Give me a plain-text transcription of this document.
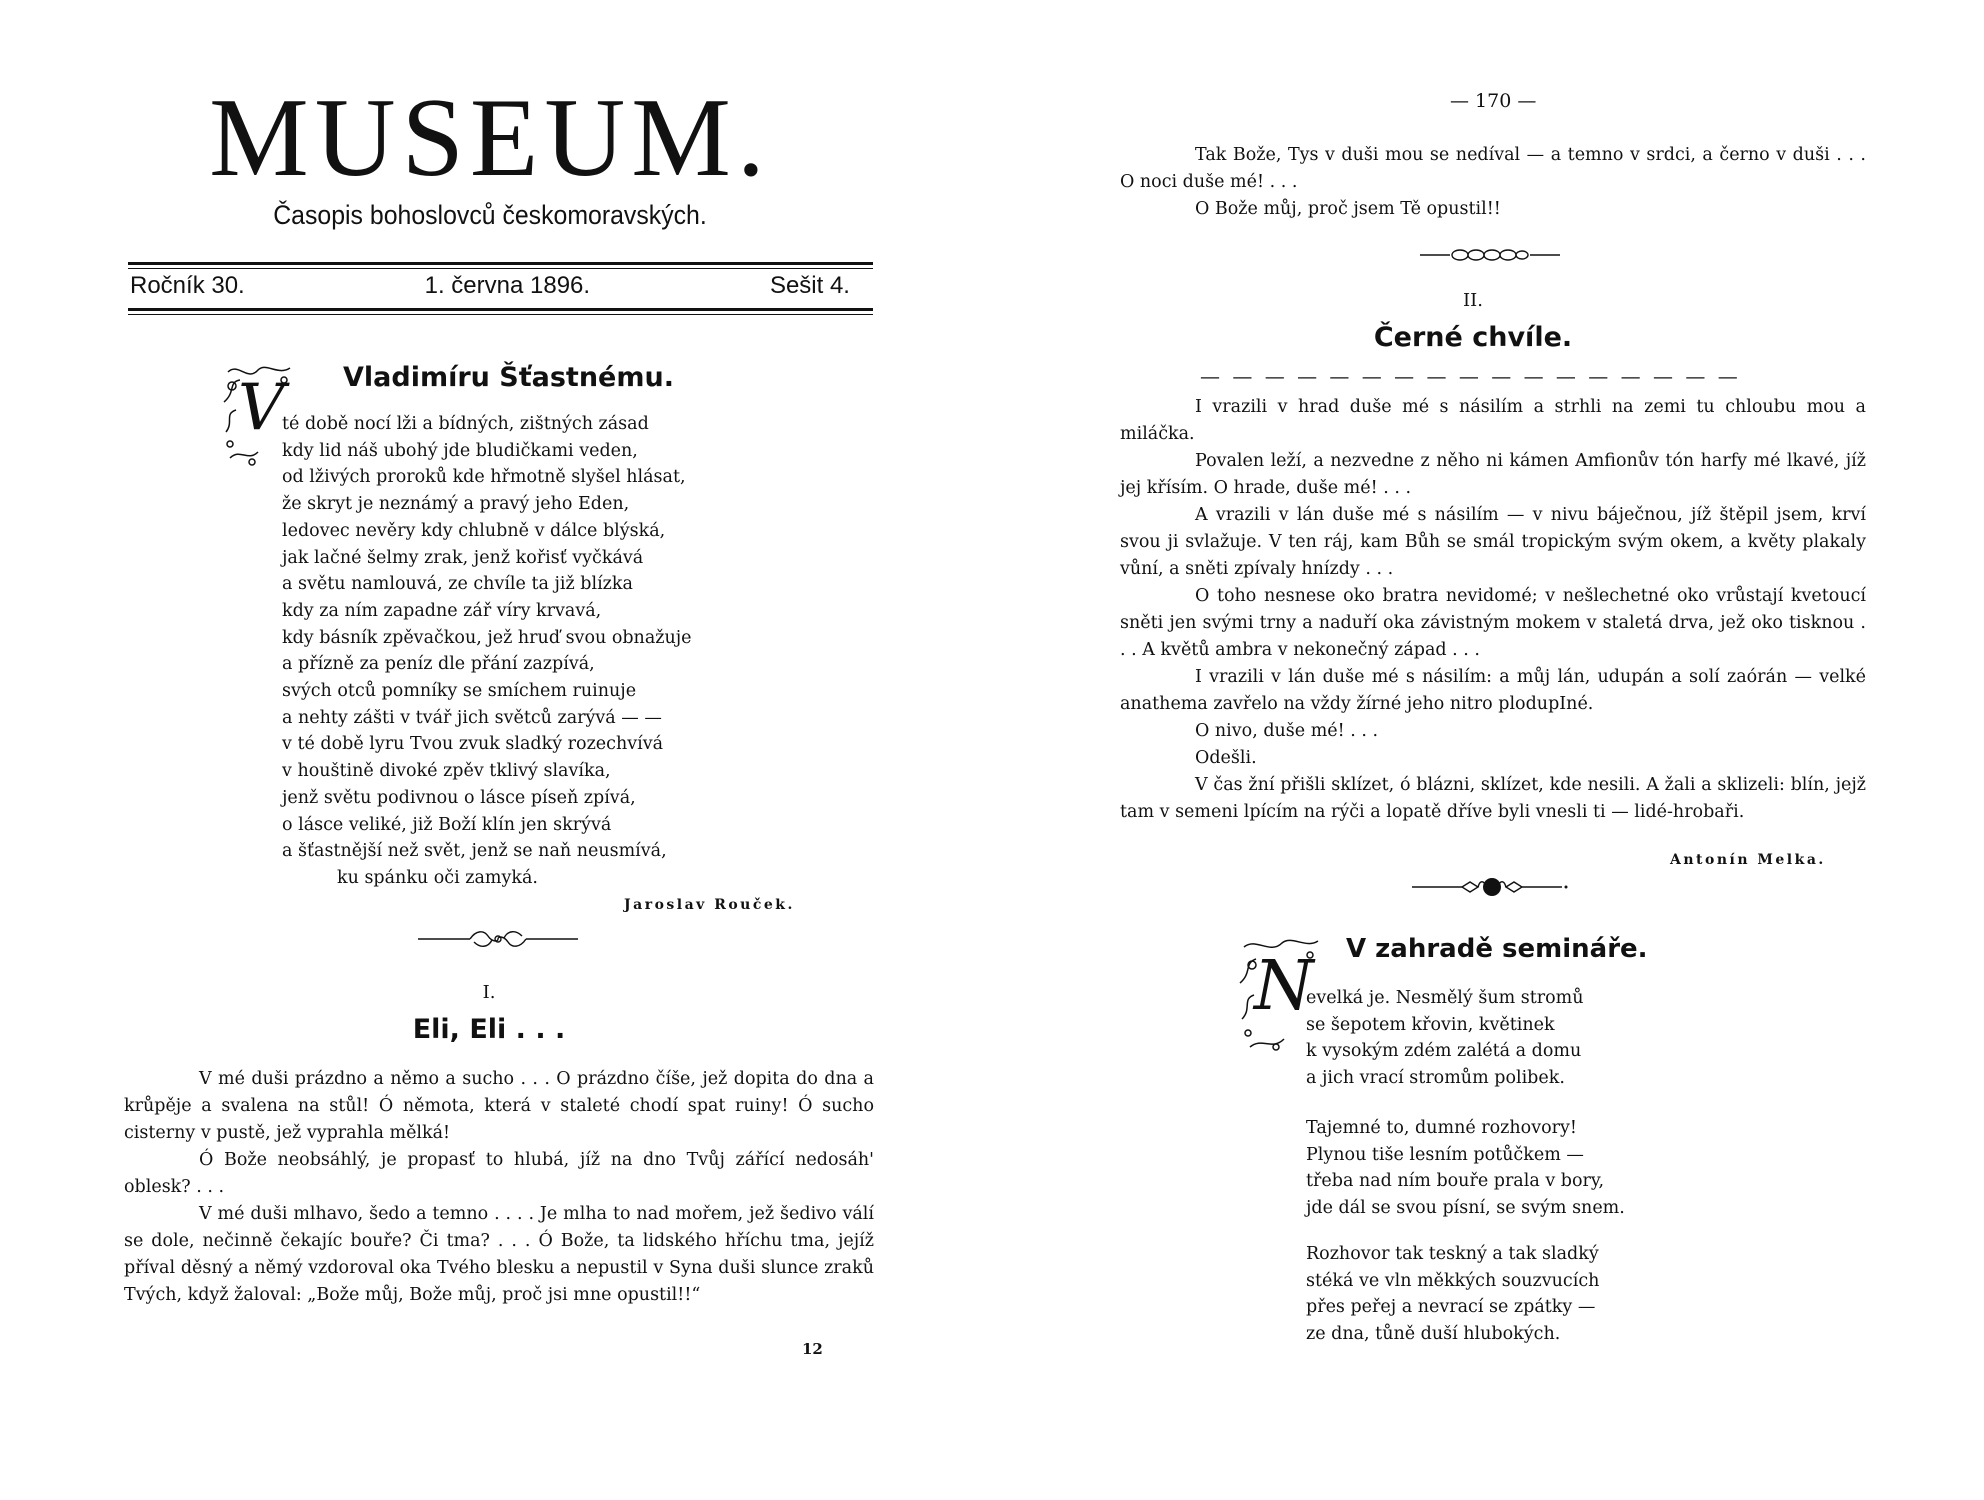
MUSEUM.
Časopis bohoslovců českomoravských.
Ročník 30.	1. června 1896.	Sešit 4.
Vladimíru Šťastnému.
V
té době nocí lži a bídných, zištných zásad
kdy lid náš ubohý jde bludičkami veden,
od lživých proroků kde hřmotně slyšel hlásat,
že skryt je neznámý a pravý jeho Eden,
ledovec nevěry kdy chlubně v dálce blýská,
jak lačné šelmy zrak, jenž kořisť vyčkává
a světu namlouvá, ze chvíle ta již blízka
kdy za ním zapadne zář víry krvavá,
kdy básník zpěvačkou, jež hruď svou obnažuje
a přízně za peníz dle přání zazpívá,
svých otců pomníky se smíchem ruinuje
a nehty zášti v tvář jich světců zarývá — —
v té době lyru Tvou zvuk sladký rozechvívá
v houštině divoké zpěv tklivý slavíka,
jenž světu podivnou o lásce píseň zpívá,
o lásce veliké, již Boží klín jen skrývá
a šťastnější než svět, jenž se naň neusmívá,
ku spánku oči zamyká.
Jaroslav Rouček.
I.
Eli, Eli . . .

V mé duši prázdno a němo a sucho . . . O prázdno číše, jež dopita do dna a krůpěje a svalena na stůl! Ó němota, která v staleté chodí spat ruiny! Ó sucho cisterny v pustě, jež vyprahla mělká!

Ó Bože neobsáhlý, je propasť to hlubá, jíž na dno Tvůj zářící nedosáh' oblesk? . . .

V mé duši mlhavo, šedo a temno . . . . Je mlha to nad mořem, jež šedivo válí se dole, nečinně čekajíc bouře? Či tma? . . . Ó Bože, ta lidského hříchu tma, jejíž příval děsný a němý vzdoroval oka Tvého blesku a nepustil v Syna duši slunce zraků Tvých, když žaloval: „Bože můj, Bože můj, proč jsi mne opustil!!“

12
— 170 —

Tak Bože, Tys v duši mou se nedíval — a temno v srdci, a černo v duši . . . O noci duše mé! . . .

O Bože můj, proč jsem Tě opustil!!

II.
Černé chvíle.
— — — — — — — — — — — — — — — — —

I vrazili v hrad duše mé s násilím a strhli na zemi tu chloubu mou a miláčka.

Povalen leží, a nezvedne z něho ni kámen Amfionův tón harfy mé lkavé, jíž jej křísím. O hrade, duše mé! . . .

A vrazili v lán duše mé s násilím — v nivu báječnou, jíž štěpil jsem, krví svou ji svlažuje. V ten ráj, kam Bůh se smál tropickým svým okem, a květy plakaly vůní, a sněti zpívaly hnízdy . . .

O toho nesnese oko bratra nevidomé; v nešlechetné oko vrůstají kvetoucí sněti jen svými trny a naduří oka závistným mokem v staletá drva, jež oko tisknou . . . A květů ambra v nekonečný západ . . .

I vrazili v lán duše mé s násilím: a můj lán, udupán a solí zaórán — velké anathema zavřelo na vždy žírné jeho nitro plodupIné.

O nivo, duše mé! . . .

Odešli.

V čas žní přišli sklízet, ó blázni, sklízet, kde nesili. A žali a sklizeli: blín, jejž tam v semeni lpícím na rýči a lopatě dříve byli vnesli ti — lidé-hrobaři.

Antonín Melka.
V zahradě semináře.
N
evelká je. Nesmělý šum stromů
se šepotem křovin, květinek
k vysokým zdém zalétá a domu
a jich vrací stromům polibek.
Tajemné to, dumné rozhovory!
Plynou tiše lesním potůčkem —
třeba nad ním bouře prala v bory,
jde dál se svou písní, se svým snem.
Rozhovor tak teskný a tak sladký
stéká ve vln měkkých souzvucích
přes peřej a nevrací se zpátky —
ze dna, tůně duší hlubokých.
